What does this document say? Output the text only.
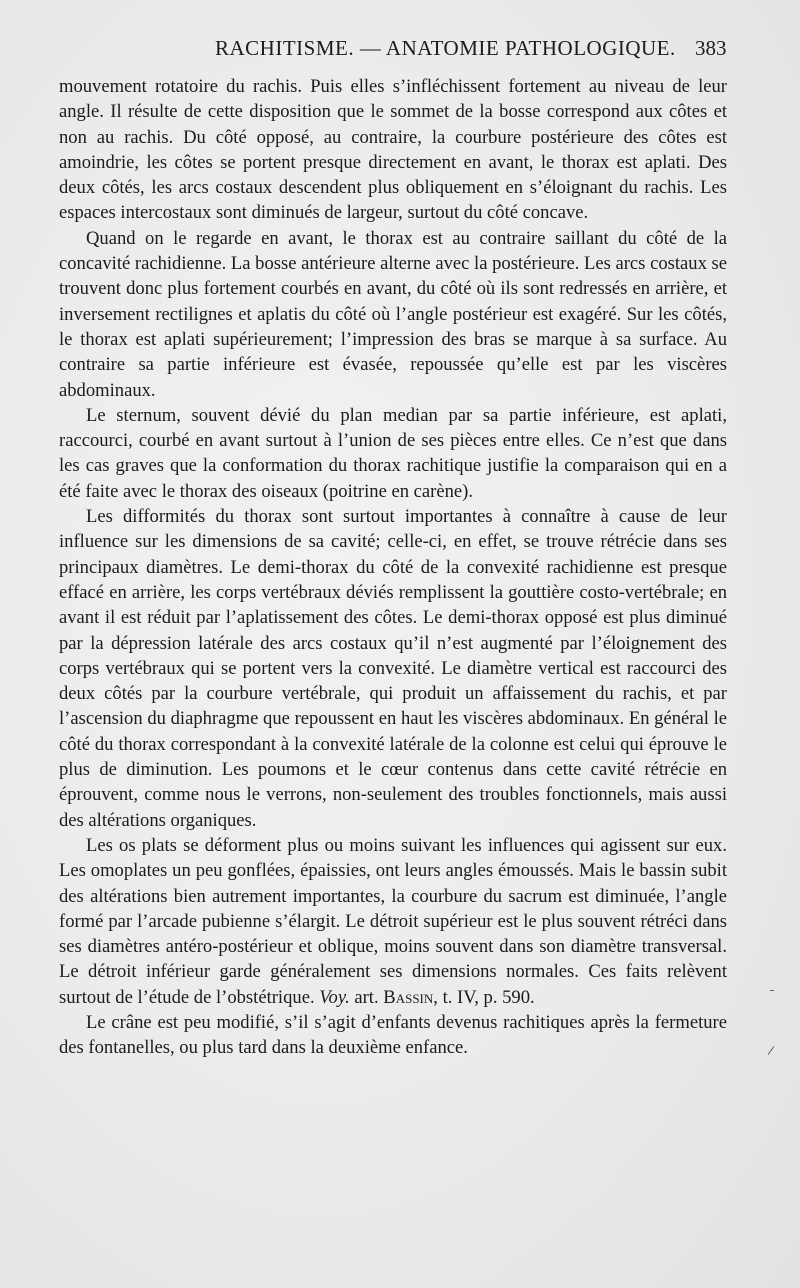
RACHITISME. — ANATOMIE PATHOLOGIQUE. 383

mouvement rotatoire du rachis. Puis elles s’infléchissent fortement au niveau de leur angle. Il résulte de cette disposition que le sommet de la bosse correspond aux côtes et non au rachis. Du côté opposé, au contraire, la courbure postérieure des côtes est amoindrie, les côtes se portent presque directement en avant, le thorax est aplati. Des deux côtés, les arcs costaux descendent plus obliquement en s’éloignant du rachis. Les espaces intercostaux sont diminués de largeur, surtout du côté concave.

Quand on le regarde en avant, le thorax est au contraire saillant du côté de la concavité rachidienne. La bosse antérieure alterne avec la postérieure. Les arcs costaux se trouvent donc plus fortement courbés en avant, du côté où ils sont redressés en arrière, et inversement rectilignes et aplatis du côté où l’angle postérieur est exagéré. Sur les côtés, le thorax est aplati supérieurement; l’impression des bras se marque à sa surface. Au contraire sa partie inférieure est évasée, repoussée qu’elle est par les viscères abdominaux.

Le sternum, souvent dévié du plan median par sa partie inférieure, est aplati, raccourci, courbé en avant surtout à l’union de ses pièces entre elles. Ce n’est que dans les cas graves que la conformation du thorax rachitique justifie la comparaison qui en a été faite avec le thorax des oiseaux (poitrine en carène).

Les difformités du thorax sont surtout importantes à connaître à cause de leur influence sur les dimensions de sa cavité; celle-ci, en effet, se trouve rétrécie dans ses principaux diamètres. Le demi-thorax du côté de la convexité rachidienne est presque effacé en arrière, les corps vertébraux déviés remplissent la gouttière costo-vertébrale; en avant il est réduit par l’aplatissement des côtes. Le demi-thorax opposé est plus diminué par la dépression latérale des arcs costaux qu’il n’est augmenté par l’éloignement des corps vertébraux qui se portent vers la convexité. Le diamètre vertical est raccourci des deux côtés par la courbure vertébrale, qui produit un affaissement du rachis, et par l’ascension du diaphragme que repoussent en haut les viscères abdominaux. En général le côté du thorax correspondant à la convexité latérale de la colonne est celui qui éprouve le plus de diminution. Les poumons et le cœur contenus dans cette cavité rétrécie en éprouvent, comme nous le verrons, non-seulement des troubles fonctionnels, mais aussi des altérations organiques.

Les os plats se déforment plus ou moins suivant les influences qui agissent sur eux. Les omoplates un peu gonflées, épaissies, ont leurs angles émoussés. Mais le bassin subit des altérations bien autrement importantes, la courbure du sacrum est diminuée, l’angle formé par l’arcade pubienne s’élargit. Le détroit supérieur est le plus souvent rétréci dans ses diamètres antéro-postérieur et oblique, moins souvent dans son diamètre transversal. Le détroit inférieur garde généralement ses dimensions normales. Ces faits relèvent surtout de l’étude de l’obstétrique. Voy. art. Bassin, t. IV, p. 590.

Le crâne est peu modifié, s’il s’agit d’enfants devenus rachitiques après la fermeture des fontanelles, ou plus tard dans la deuxième enfance.
